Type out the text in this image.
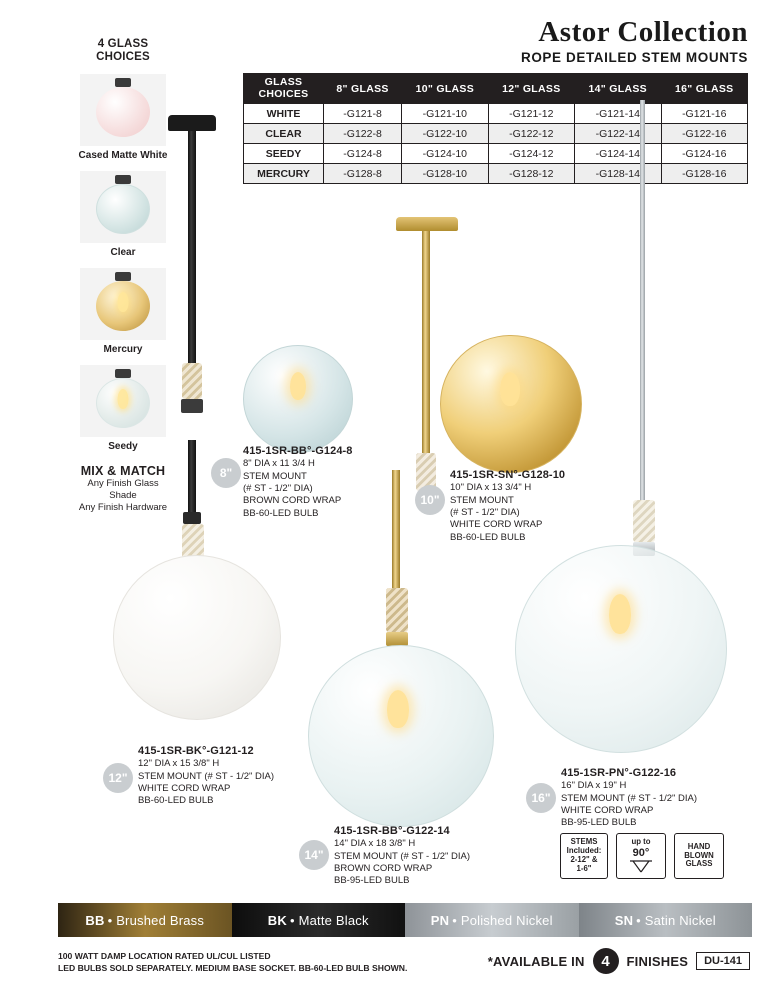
Astor Collection
ROPE DETAILED STEM MOUNTS
4 GLASS
CHOICES
Cased Matte White
Clear
Mercury
Seedy
MIX & MATCH
Any Finish Glass Shade
Any Finish Hardware
GLASS
CHOICES	8" GLASS	10" GLASS	12" GLASS	14" GLASS	16" GLASS
WHITE	-G121-8	-G121-10	-G121-12	-G121-14	-G121-16
CLEAR	-G122-8	-G122-10	-G122-12	-G122-14	-G122-16
SEEDY	-G124-8	-G124-10	-G124-12	-G124-14	-G124-16
MERCURY	-G128-8	-G128-10	-G128-12	-G128-14	-G128-16
8"
415-1SR-BB°-G124-8
8" DIA x 11 3/4 H
STEM MOUNT
(# ST - 1/2" DIA)
BROWN CORD WRAP
BB-60-LED BULB
10"
415-1SR-SN°-G128-10
10" DIA x 13 3/4" H
STEM MOUNT
(# ST - 1/2" DIA)
WHITE CORD WRAP
BB-60-LED BULB
12"
415-1SR-BK°-G121-12
12" DIA x 15 3/8" H
STEM MOUNT (# ST - 1/2" DIA)
WHITE CORD WRAP
BB-60-LED BULB
14"
415-1SR-BB°-G122-14
14" DIA x 18 3/8" H
STEM MOUNT (# ST - 1/2" DIA)
BROWN CORD WRAP
BB-95-LED BULB
16"
415-1SR-PN°-G122-16
16" DIA x 19" H
STEM MOUNT (# ST - 1/2" DIA)
WHITE CORD WRAP
BB-95-LED BULB
STEMS
Included:
2-12" &
1-6"
up to
90°
HAND
BLOWN
GLASS
BB • Brushed Brass	BK • Matte Black	PN • Polished Nickel	SN • Satin Nickel
100 WATT DAMP LOCATION RATED UL/CUL LISTED
LED BULBS SOLD SEPARATELY. MEDIUM BASE SOCKET. BB-60-LED BULB SHOWN.	*AVAILABLE IN	4	FINISHES	DU-141
